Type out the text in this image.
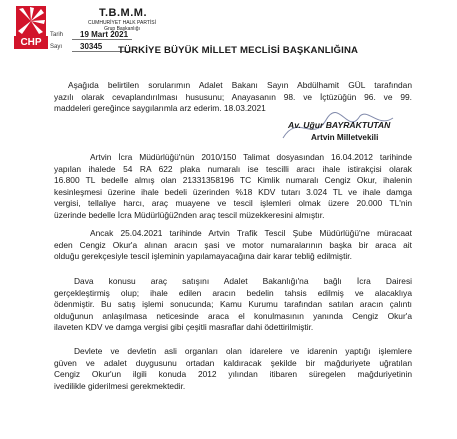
CHP
T.B.M.M.
CUMHURİYET HALK PARTİSİ
Grup Başkanlığı
Tarih	19 Mart 2021
Sayı	30345	TÜRKİYE BÜYÜK MİLLET MECLİSİ BAŞKANLIĞINA
Aşağıda belirtilen sorularımın Adalet Bakanı Sayın Abdülhamit GÜL tarafından
yazılı olarak cevaplandırılması hususunu; Anayasanın 98. ve İçtüzüğün 96. ve 99.
maddeleri gereğince saygılarımla arz ederim. 18.03.2021
Av. Uğur BAYRAKTUTAN
Artvin Milletvekili
Artvin İcra Müdürlüğü'nün 2010/150 Talimat dosyasından 16.04.2012 tarihinde
yapılan ihalede 54 RA 622 plaka numaralı ise tescilli aracı ihale istirakçisi olarak
16.800 TL bedelle almış olan 21331358196 TC Kimlik numaralı Cengiz Okur, ihalenin
kesinleşmesi üzerine ihale bedeli üzerinden %18 KDV tutarı 3.024 TL ve ihale damga
vergisi, tellaliye harcı, araç muayene ve tescil işlemleri olmak üzere 20.000 TL'nin
üzerinde bedelle İcra Müdürlüğü2nden araç tescil müzekkeresini almıştır.
Ancak 25.04.2021 tarihinde Artvin Trafik Tescil Şube Müdürlüğü'ne müracaat
eden Cengiz Okur'a alınan aracın şasi ve motor numaralarının başka bir araca ait
olduğu gerekçesiyle tescil işleminin yapılamayacağına dair karar tebliğ edilmiştir.
Dava konusu araç satışını Adalet Bakanlığı'na bağlı İcra Dairesi
gerçekleştirmiş olup; ihale edilen aracın bedelin tahsis edilmiş ve alacaklıya
ödenmiştir. Bu satış işlemi sonucunda; Kamu Kurumu tarafından satılan aracın çalıntı
olduğunun anlaşılmasa neticesinde araca el konulmasının yanında Cengiz Okur'a
ilaveten KDV ve damga vergisi gibi çeşitli masraflar dahi ödettirilmiştir.
Devlete ve devletin asli organları olan idarelere ve idarenin yaptığı işlemlere
güven ve adalet duygusunu ortadan kaldıracak şekilde bir mağduriyete uğratılan
Cengiz Okur'un ilgili konuda 2012 yılından itibaren süregelen mağduriyetinin
ivedilikle giderilmesi gerekmektedir.
